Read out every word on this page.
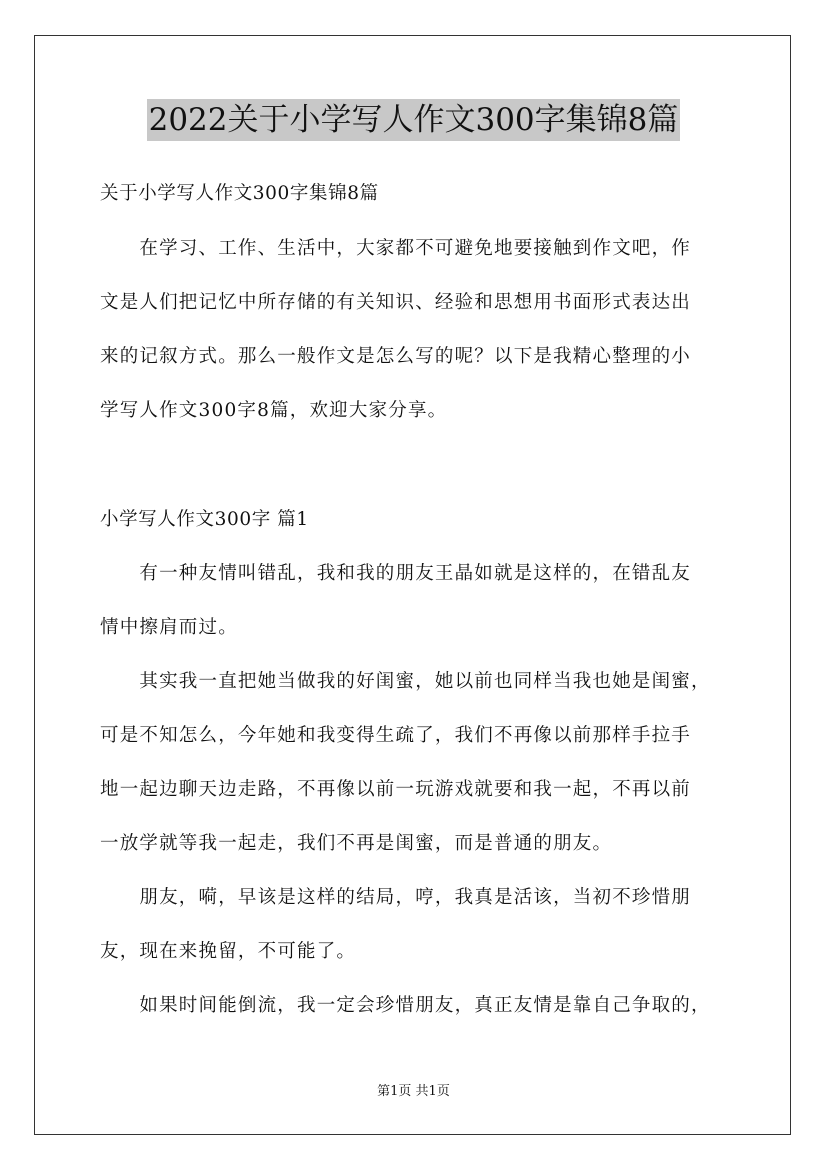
2022关于小学写人作文300字集锦8篇
关于小学写人作文300字集锦8篇
　　在学习、工作、生活中，大家都不可避免地要接触到作文吧，作
文是人们把记忆中所存储的有关知识、经验和思想用书面形式表达出
来的记叙方式。那么一般作文是怎么写的呢？以下是我精心整理的小
学写人作文300字8篇，欢迎大家分享。
小学写人作文300字 篇1
　　有一种友情叫错乱，我和我的朋友王晶如就是这样的，在错乱友
情中擦肩而过。
　　其实我一直把她当做我的好闺蜜，她以前也同样当我也她是闺蜜，
可是不知怎么，今年她和我变得生疏了，我们不再像以前那样手拉手
地一起边聊天边走路，不再像以前一玩游戏就要和我一起，不再以前
一放学就等我一起走，我们不再是闺蜜，而是普通的朋友。
　　朋友，嗬，早该是这样的结局，哼，我真是活该，当初不珍惜朋
友，现在来挽留，不可能了。
　　如果时间能倒流，我一定会珍惜朋友，真正友情是靠自己争取的，
第1页 共1页
